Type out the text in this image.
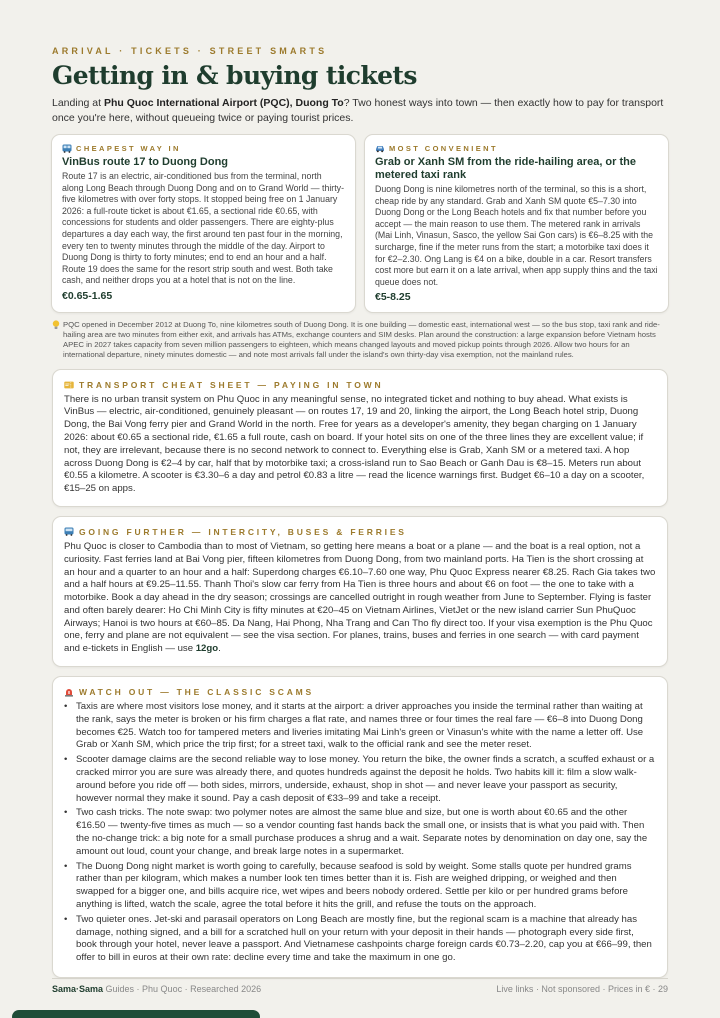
ARRIVAL · TICKETS · STREET SMARTS
Getting in & buying tickets

Landing at Phu Quoc International Airport (PQC), Duong To? Two honest ways into town — then exactly how to pay for transport once you're here, without queueing twice or paying tourist prices.

CHEAPEST WAY IN
VinBus route 17 to Duong Dong
Route 17 is an electric, air-conditioned bus from the terminal, north along Long Beach through Duong Dong and on to Grand World — thirty-five kilometres with over forty stops. It stopped being free on 1 January 2026: a full-route ticket is about €1.65, a sectional ride €0.65, with concessions for students and older passengers. There are eighty-plus departures a day each way, the first around ten past four in the morning, every ten to twenty minutes through the middle of the day. Airport to Duong Dong is thirty to forty minutes; end to end an hour and a half. Route 19 does the same for the resort strip south and west. Both take cash, and neither drops you at a hotel that is not on the line.
€0.65-1.65
MOST CONVENIENT
Grab or Xanh SM from the ride-hailing area, or the metered taxi rank
Duong Dong is nine kilometres north of the terminal, so this is a short, cheap ride by any standard. Grab and Xanh SM quote €5–7.30 into Duong Dong or the Long Beach hotels and fix that number before you accept — the main reason to use them. The metered rank in arrivals (Mai Linh, Vinasun, Sasco, the yellow Sai Gon cars) is €6–8.25 with the surcharge, fine if the meter runs from the start; a motorbike taxi does it for €2–2.30. Ong Lang is €4 on a bike, double in a car. Resort transfers cost more but earn it on a late arrival, when app supply thins and the taxi queue does not.
€5-8.25
PQC opened in December 2012 at Duong To, nine kilometres south of Duong Dong. It is one building — domestic east, international west — so the bus stop, taxi rank and ride-hailing area are two minutes from either exit, and arrivals has ATMs, exchange counters and SIM desks. Plan around the construction: a large expansion before Vietnam hosts APEC in 2027 takes capacity from seven million passengers to eighteen, which means changed layouts and moved pickup points through 2026. Allow two hours for an international departure, ninety minutes domestic — and note most arrivals fall under the island's own thirty-day visa exemption, not the mainland rules.
TRANSPORT CHEAT SHEET — PAYING IN TOWN

There is no urban transit system on Phu Quoc in any meaningful sense, no integrated ticket and nothing to buy ahead. What exists is VinBus — electric, air-conditioned, genuinely pleasant — on routes 17, 19 and 20, linking the airport, the Long Beach hotel strip, Duong Dong, the Bai Vong ferry pier and Grand World in the north. Free for years as a developer's amenity, they began charging on 1 January 2026: about €0.65 a sectional ride, €1.65 a full route, cash on board. If your hotel sits on one of the three lines they are excellent value; if not, they are irrelevant, because there is no second network to connect to. Everything else is Grab, Xanh SM or a metered taxi. A hop across Duong Dong is €2–4 by car, half that by motorbike taxi; a cross-island run to Sao Beach or Ganh Dau is €8–15. Meters run about €0.55 a kilometre. A scooter is €3.30–6 a day and petrol €0.83 a litre — read the licence warnings first. Budget €6–10 a day on a scooter, €15–25 on apps.

GOING FURTHER — INTERCITY, BUSES & FERRIES

Phu Quoc is closer to Cambodia than to most of Vietnam, so getting here means a boat or a plane — and the boat is a real option, not a curiosity. Fast ferries land at Bai Vong pier, fifteen kilometres from Duong Dong, from two mainland ports. Ha Tien is the short crossing at an hour and a quarter to an hour and a half: Superdong charges €6.10–7.60 one way, Phu Quoc Express nearer €8.25. Rach Gia takes two and a half hours at €9.25–11.55. Thanh Thoi's slow car ferry from Ha Tien is three hours and about €6 on foot — the one to take with a motorbike. Book a day ahead in the dry season; crossings are cancelled outright in rough weather from June to September. Flying is faster and often barely dearer: Ho Chi Minh City is fifty minutes at €20–45 on Vietnam Airlines, VietJet or the new island carrier Sun PhuQuoc Airways; Hanoi is two hours at €60–85. Da Nang, Hai Phong, Nha Trang and Can Tho fly direct too. If your visa exemption is the Phu Quoc one, ferry and plane are not equivalent — see the visa section. For planes, trains, buses and ferries in one search — with card payment and e-tickets in English — use 12go.

WATCH OUT — THE CLASSIC SCAMS
• Taxis are where most visitors lose money, and it starts at the airport: a driver approaches you inside the terminal rather than waiting at the rank, says the meter is broken or his firm charges a flat rate, and names three or four times the real fare — €6–8 into Duong Dong becomes €25. Watch too for tampered meters and liveries imitating Mai Linh's green or Vinasun's white with the name a letter off. Use Grab or Xanh SM, which price the trip first; for a street taxi, walk to the official rank and see the meter reset.
• Scooter damage claims are the second reliable way to lose money. You return the bike, the owner finds a scratch, a scuffed exhaust or a cracked mirror you are sure was already there, and quotes hundreds against the deposit he holds. Two habits kill it: film a slow walk-around before you ride off — both sides, mirrors, underside, exhaust, shop in shot — and never leave your passport as security, however normal they make it sound. Pay a cash deposit of €33–99 and take a receipt.
• Two cash tricks. The note swap: two polymer notes are almost the same blue and size, but one is worth about €0.65 and the other €16.50 — twenty-five times as much — so a vendor counting fast hands back the small one, or insists that is what you paid with. Then the no-change trick: a big note for a small purchase produces a shrug and a wait. Separate notes by denomination on day one, say the amount out loud, count your change, and break large notes in a supermarket.
• The Duong Dong night market is worth going to carefully, because seafood is sold by weight. Some stalls quote per hundred grams rather than per kilogram, which makes a number look ten times better than it is. Fish are weighed dripping, or weighed and then swapped for a bigger one, and bills acquire rice, wet wipes and beers nobody ordered. Settle per kilo or per hundred grams before anything is lifted, watch the scale, agree the total before it hits the grill, and refuse the touts on the approach.
• Two quieter ones. Jet-ski and parasail operators on Long Beach are mostly fine, but the regional scam is a machine that already has damage, nothing signed, and a bill for a scratched hull on your return with your deposit in their hands — photograph every side first, book through your hotel, never leave a passport. And Vietnamese cashpoints charge foreign cards €0.73–2.20, cap you at €66–99, then offer to bill in euros at their own rate: decline every time and take the maximum in one go.
Sama·Sama Guides · Phu Quoc · Researched 2026	Live links · Not sponsored · Prices in € · 29
